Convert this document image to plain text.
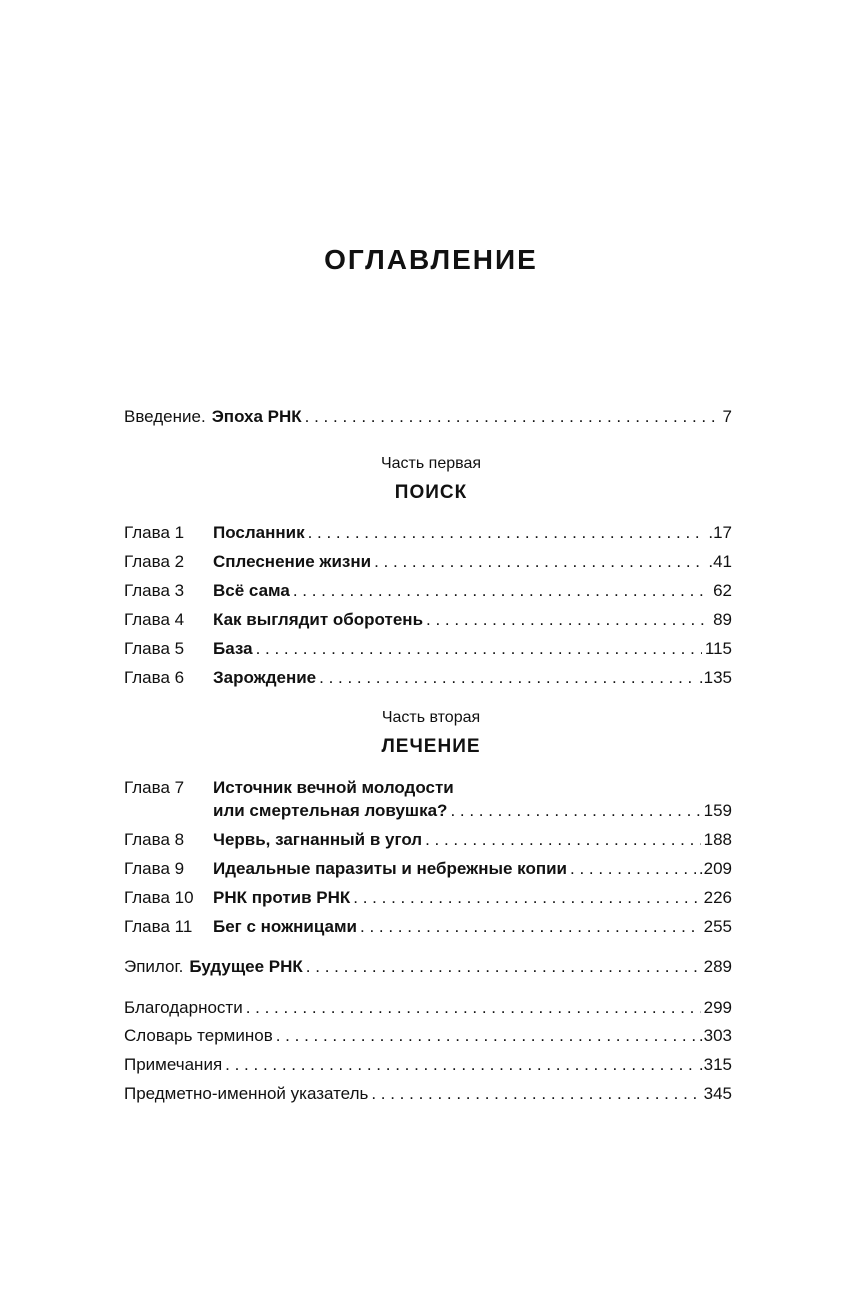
ОГЛАВЛЕНИЕ
Введение. Эпоха РНК . . .	7
Часть первая
ПОИСК
Глава 1	Посланник . . .	.17
Глава 2	Сплеснение жизни . . .	.41
Глава 3	Всё сама . . .	62
Глава 4	Как выглядит оборотень . . .	89
Глава 5	База . . .	115
Глава 6	Зарождение . . .	.135
Часть вторая
ЛЕЧЕНИЕ
Глава 7	Источник вечной молодости
или смертельная ловушка? . . .	159
Глава 8	Червь, загнанный в угол . . .	188
Глава 9	Идеальные паразиты и небрежные копии . . .	.209
Глава 10	РНК против РНК . . .	226
Глава 11	Бег с ножницами . . .	255
Эпилог. Будущее РНК . . .	289
Благодарности . . .	299
Словарь терминов . . .	.303
Примечания . . .	.315
Предметно-именной указатель . . .	345
